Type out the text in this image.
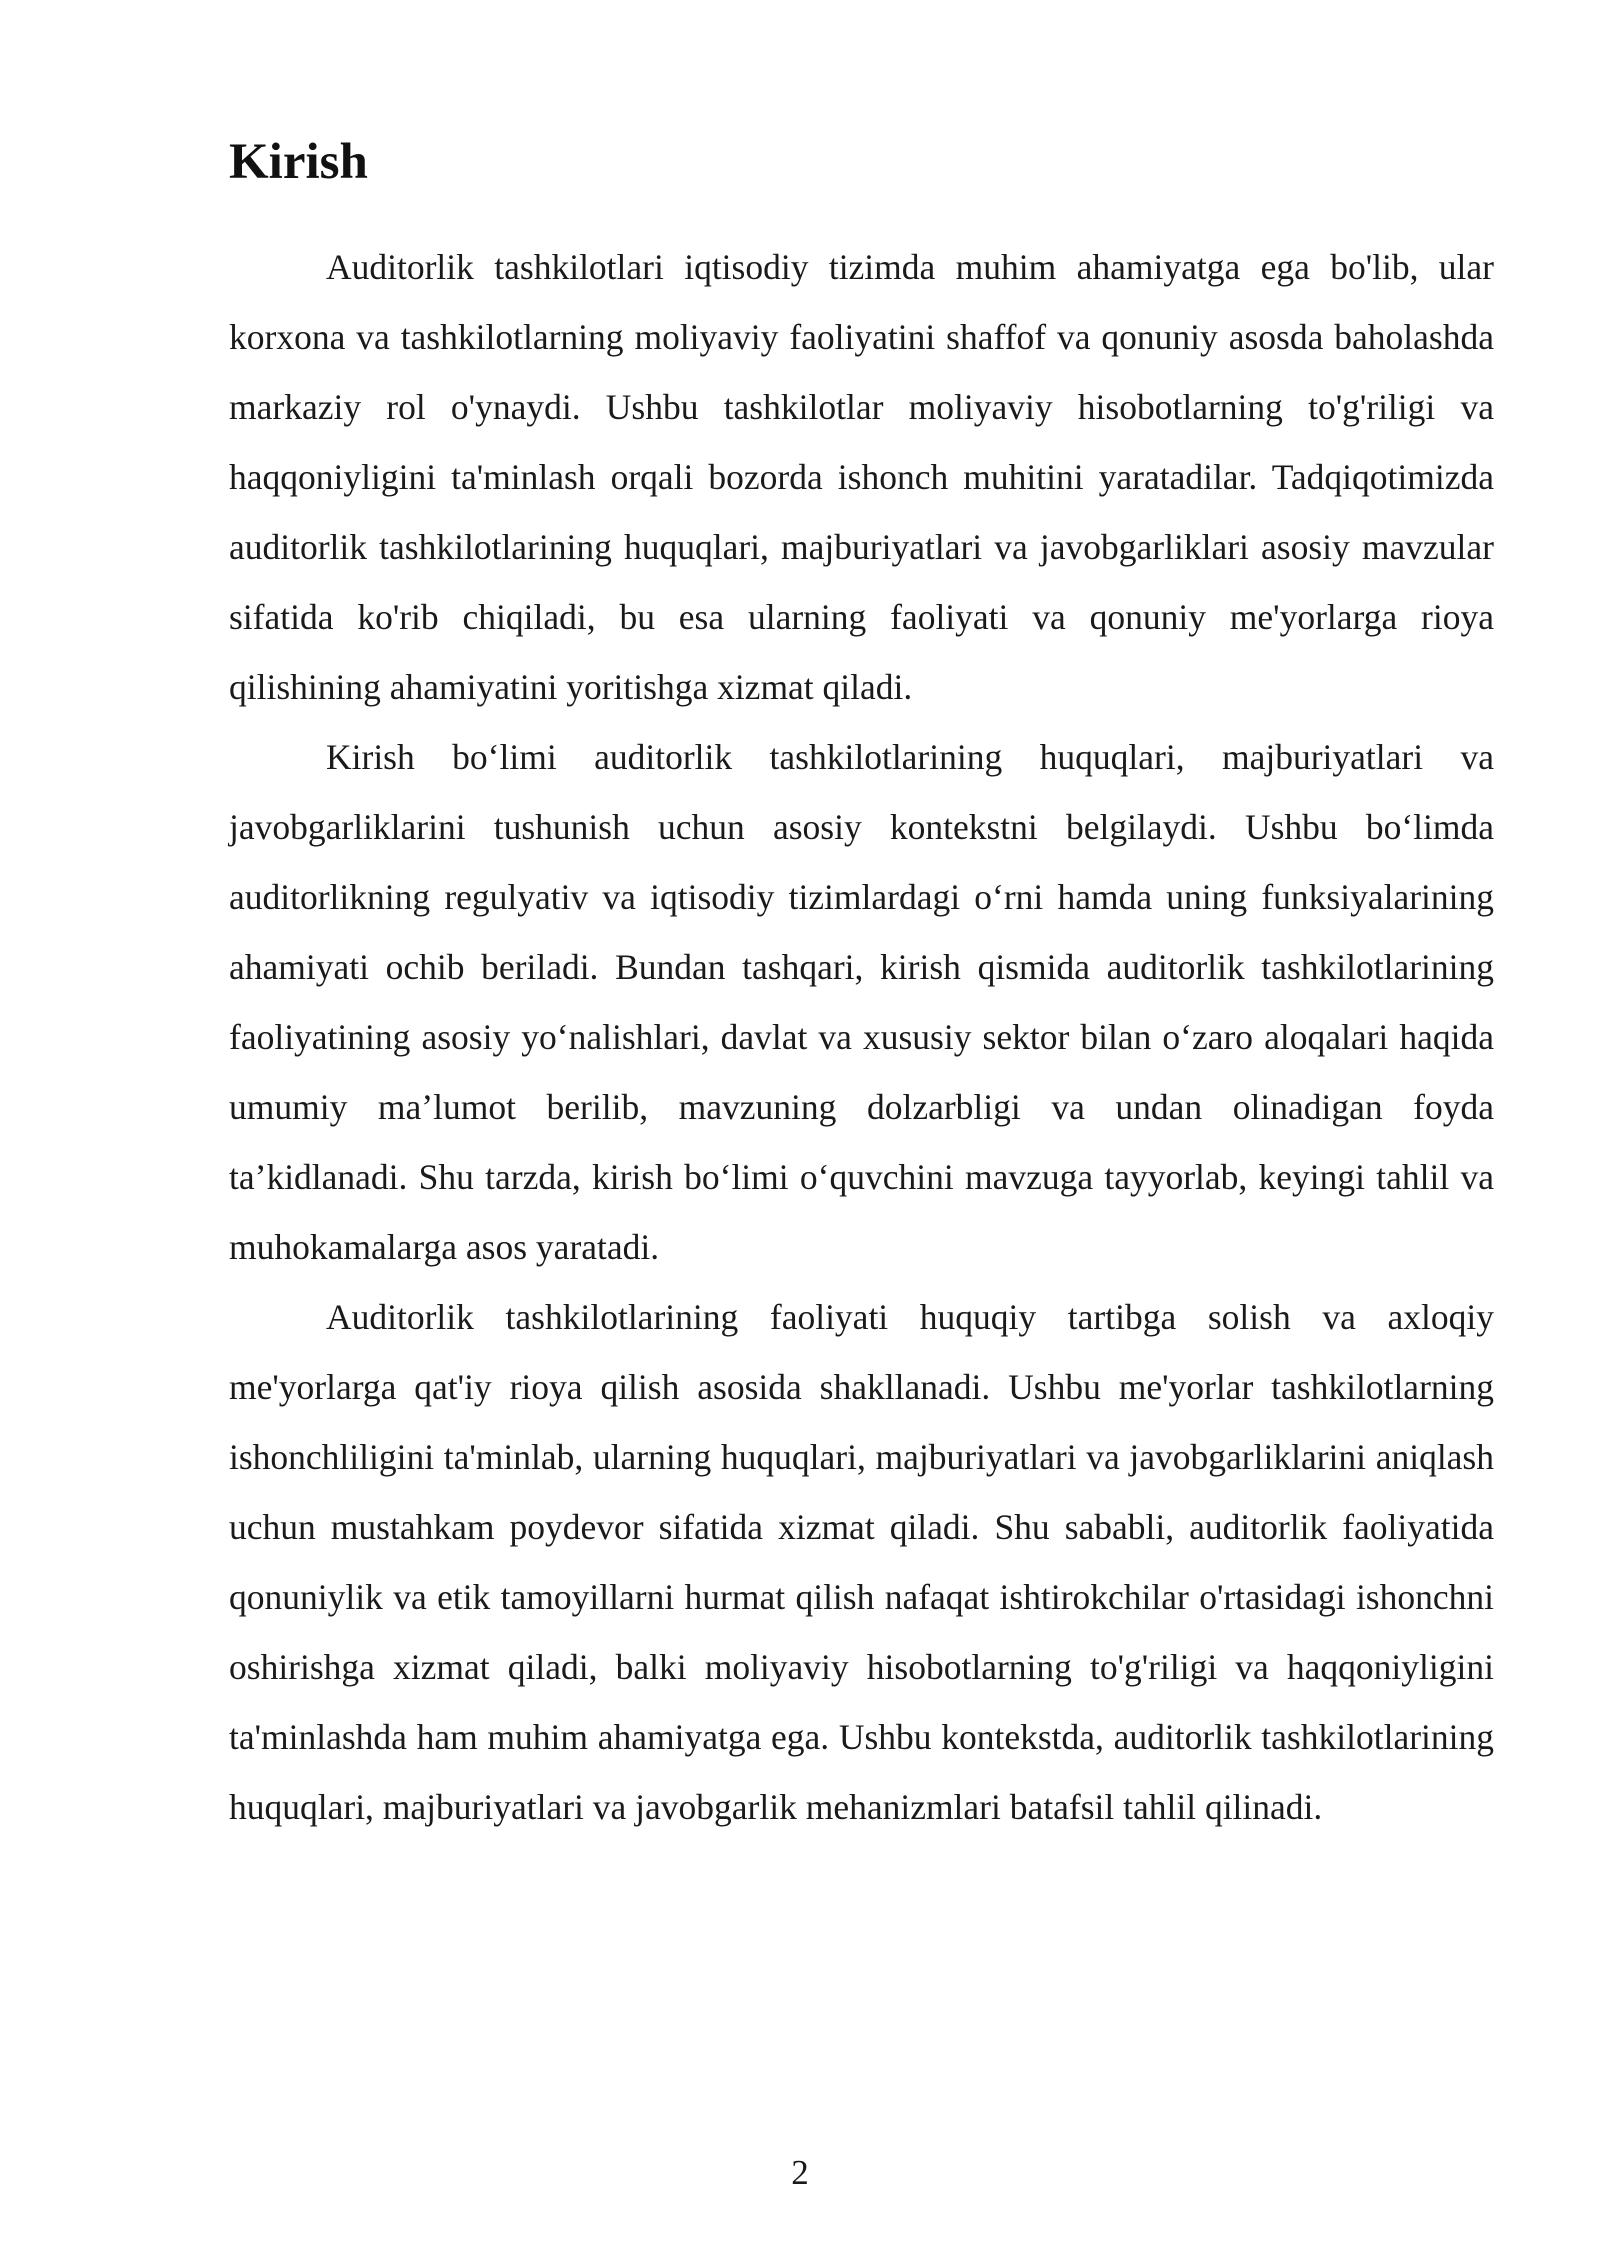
Kirish

Auditorlik tashkilotlari iqtisodiy tizimda muhim ahamiyatga ega bo'lib, ular korxona va tashkilotlarning moliyaviy faoliyatini shaffof va qonuniy asosda baholashda markaziy rol o'ynaydi. Ushbu tashkilotlar moliyaviy hisobotlarning to'g'riligi va haqqoniyligini ta'minlash orqali bozorda ishonch muhitini yaratadilar. Tadqiqotimizda auditorlik tashkilotlarining huquqlari, majburiyatlari va javobgarliklari asosiy mavzular sifatida ko'rib chiqiladi, bu esa ularning faoliyati va qonuniy me'yorlarga rioya qilishining ahamiyatini yoritishga xizmat qiladi.

Kirish bo‘limi auditorlik tashkilotlarining huquqlari, majburiyatlari va javobgarliklarini tushunish uchun asosiy kontekstni belgilaydi. Ushbu bo‘limda auditorlikning regulyativ va iqtisodiy tizimlardagi o‘rni hamda uning funksiyalarining ahamiyati ochib beriladi. Bundan tashqari, kirish qismida auditorlik tashkilotlarining faoliyatining asosiy yo‘nalishlari, davlat va xususiy sektor bilan o‘zaro aloqalari haqida umumiy ma’lumot berilib, mavzuning dolzarbligi va undan olinadigan foyda ta’kidlanadi. Shu tarzda, kirish bo‘limi o‘quvchini mavzuga tayyorlab, keyingi tahlil va muhokamalarga asos yaratadi.

Auditorlik tashkilotlarining faoliyati huquqiy tartibga solish va axloqiy me'yorlarga qat'iy rioya qilish asosida shakllanadi. Ushbu me'yorlar tashkilotlarning ishonchliligini ta'minlab, ularning huquqlari, majburiyatlari va javobgarliklarini aniqlash uchun mustahkam poydevor sifatida xizmat qiladi. Shu sababli, auditorlik faoliyatida qonuniylik va etik tamoyillarni hurmat qilish nafaqat ishtirokchilar o'rtasidagi ishonchni oshirishga xizmat qiladi, balki moliyaviy hisobotlarning to'g'riligi va haqqoniyligini ta'minlashda ham muhim ahamiyatga ega. Ushbu kontekstda, auditorlik tashkilotlarining huquqlari, majburiyatlari va javobgarlik mehanizmlari batafsil tahlil qilinadi.

2
